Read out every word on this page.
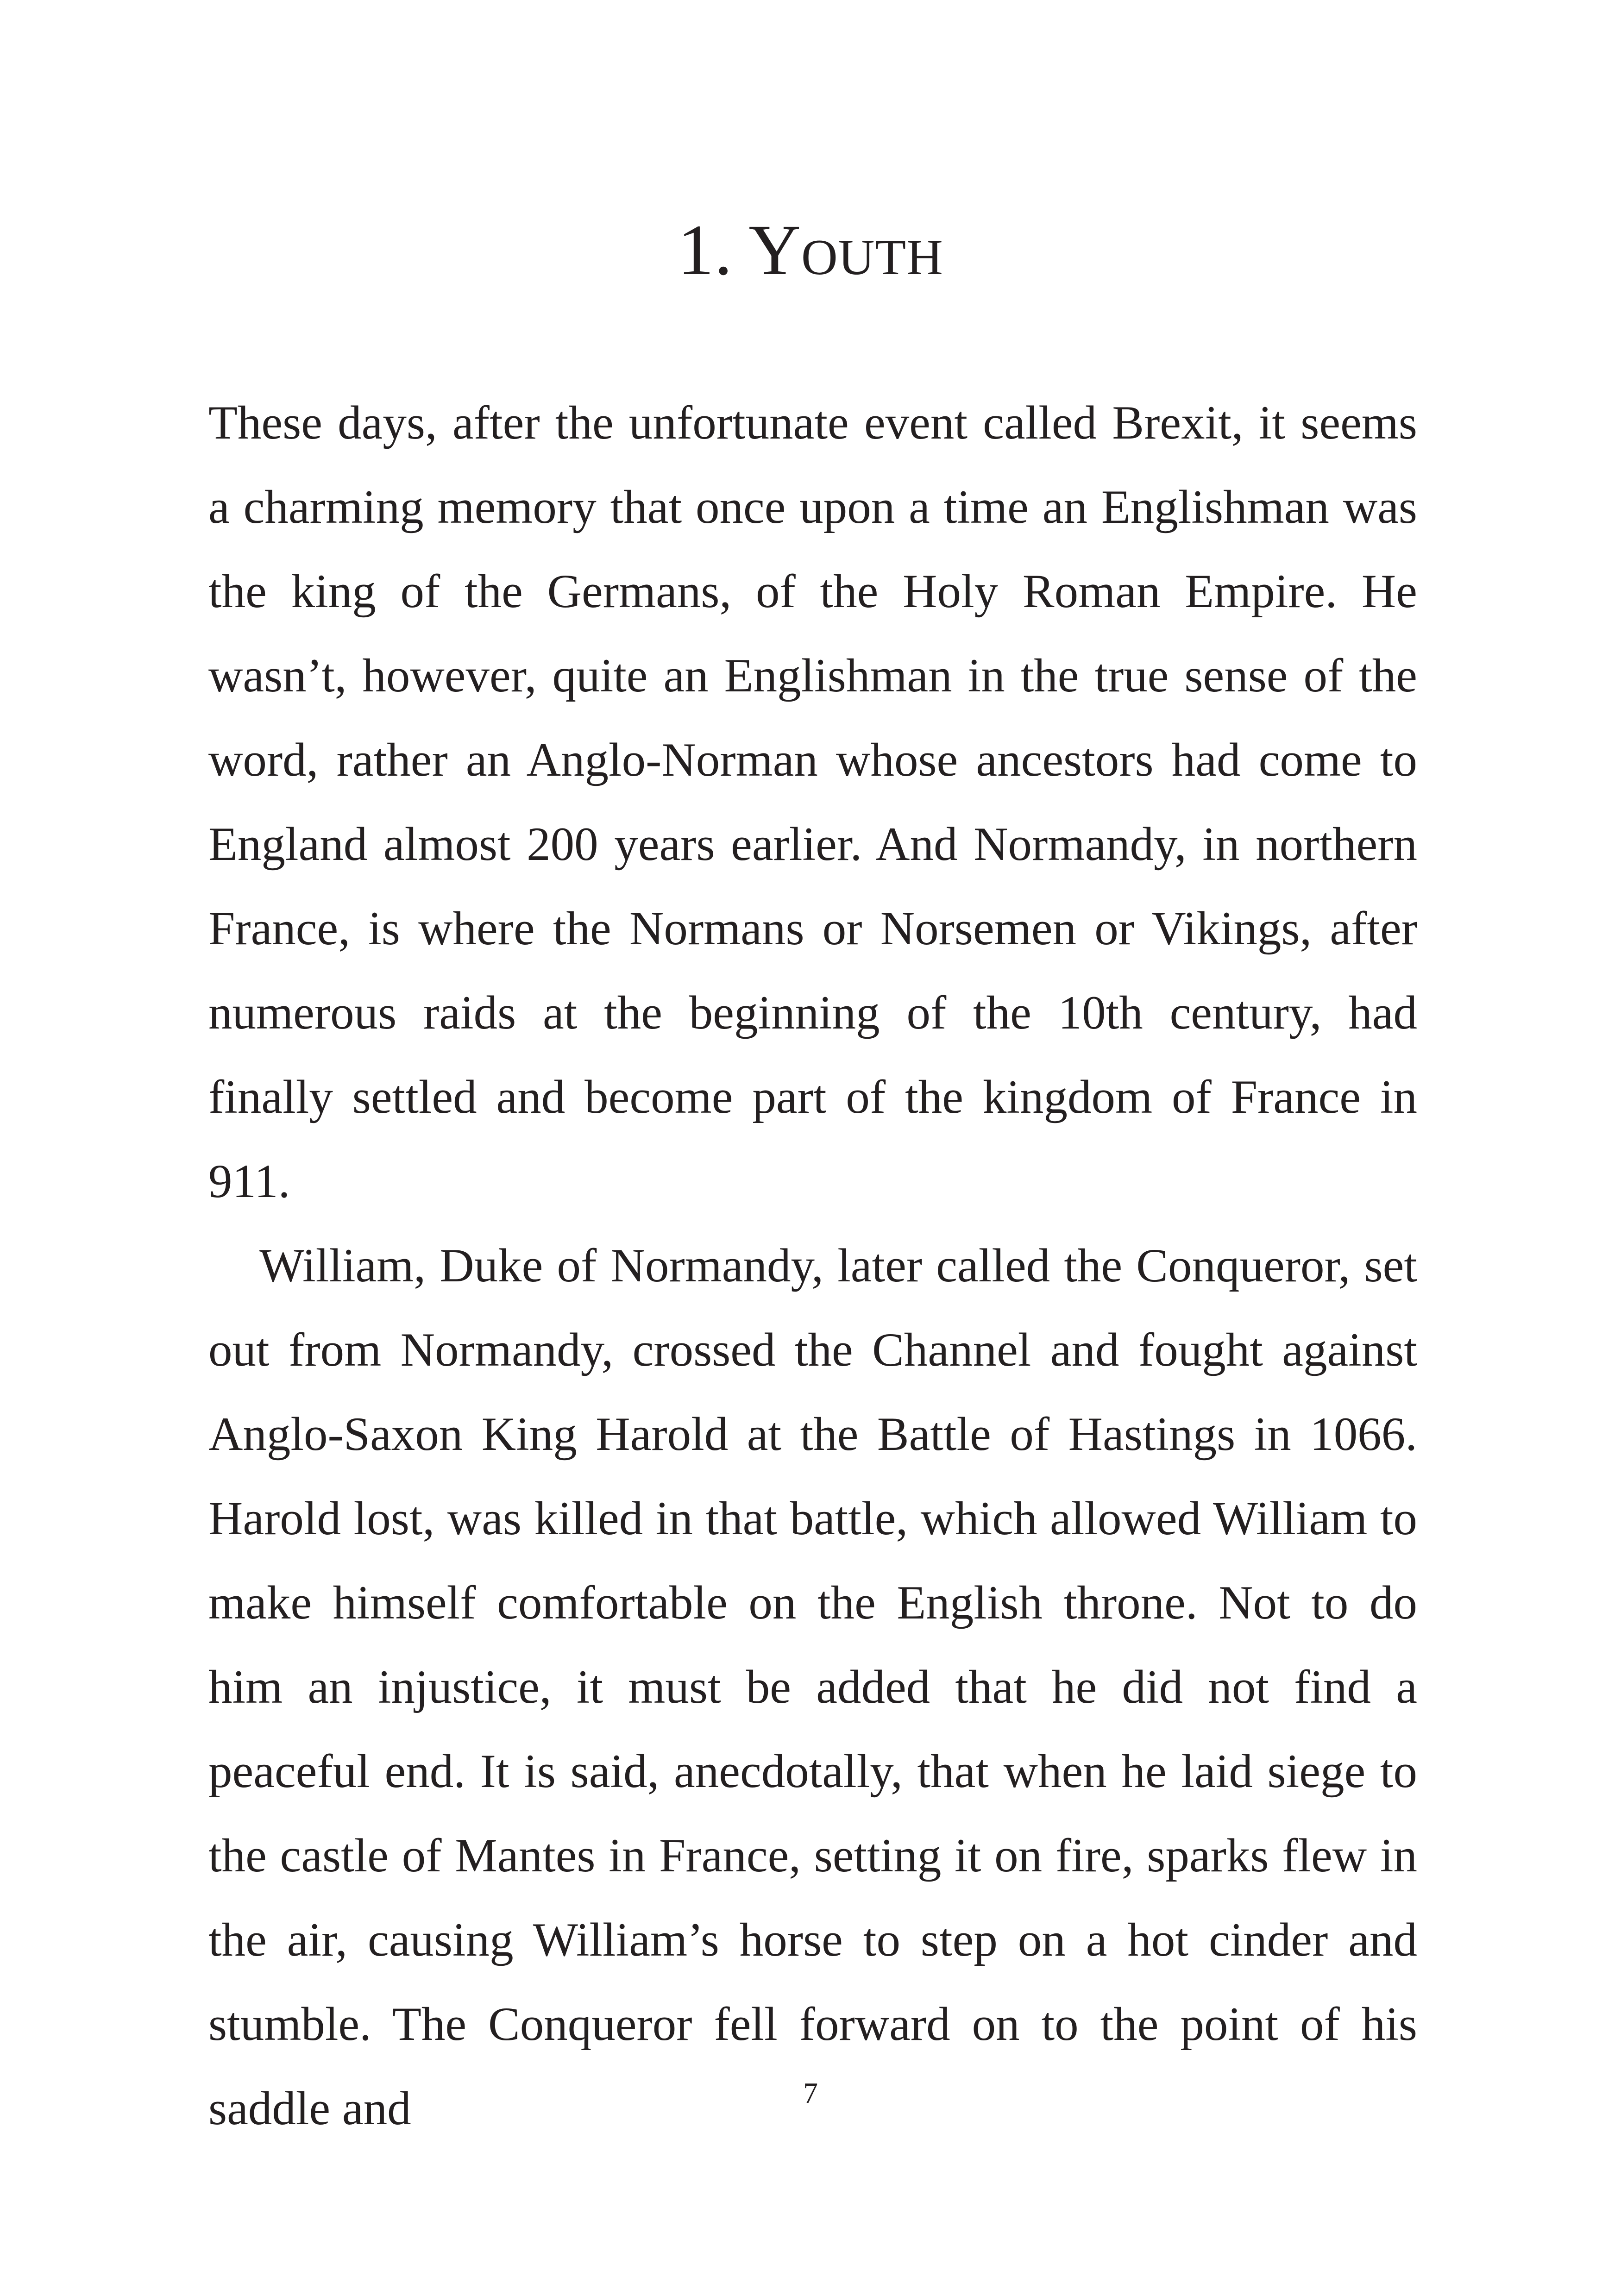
1. Youth

These days, after the unfortunate event called Brexit, it seems a charming memory that once upon a time an Englishman was the king of the Germans, of the Holy Roman Empire. He wasn’t, however, quite an Englishman in the true sense of the word, rather an Anglo-Norman whose ancestors had come to England almost 200 years earlier. And Normandy, in northern France, is where the Normans or Norsemen or Vikings, after numerous raids at the beginning of the 10th century, had finally settled and become part of the kingdom of France in 911.

William, Duke of Normandy, later called the Conqueror, set out from Normandy, crossed the Channel and fought against Anglo-Saxon King Harold at the Battle of Hastings in 1066. Harold lost, was killed in that battle, which allowed William to make himself comfortable on the English throne. Not to do him an injustice, it must be added that he did not find a peaceful end. It is said, anecdotally, that when he laid siege to the castle of Mantes in France, setting it on fire, sparks flew in the air, causing William’s horse to step on a hot cinder and stumble. The Conqueror fell forward on to the point of his saddle and	7
